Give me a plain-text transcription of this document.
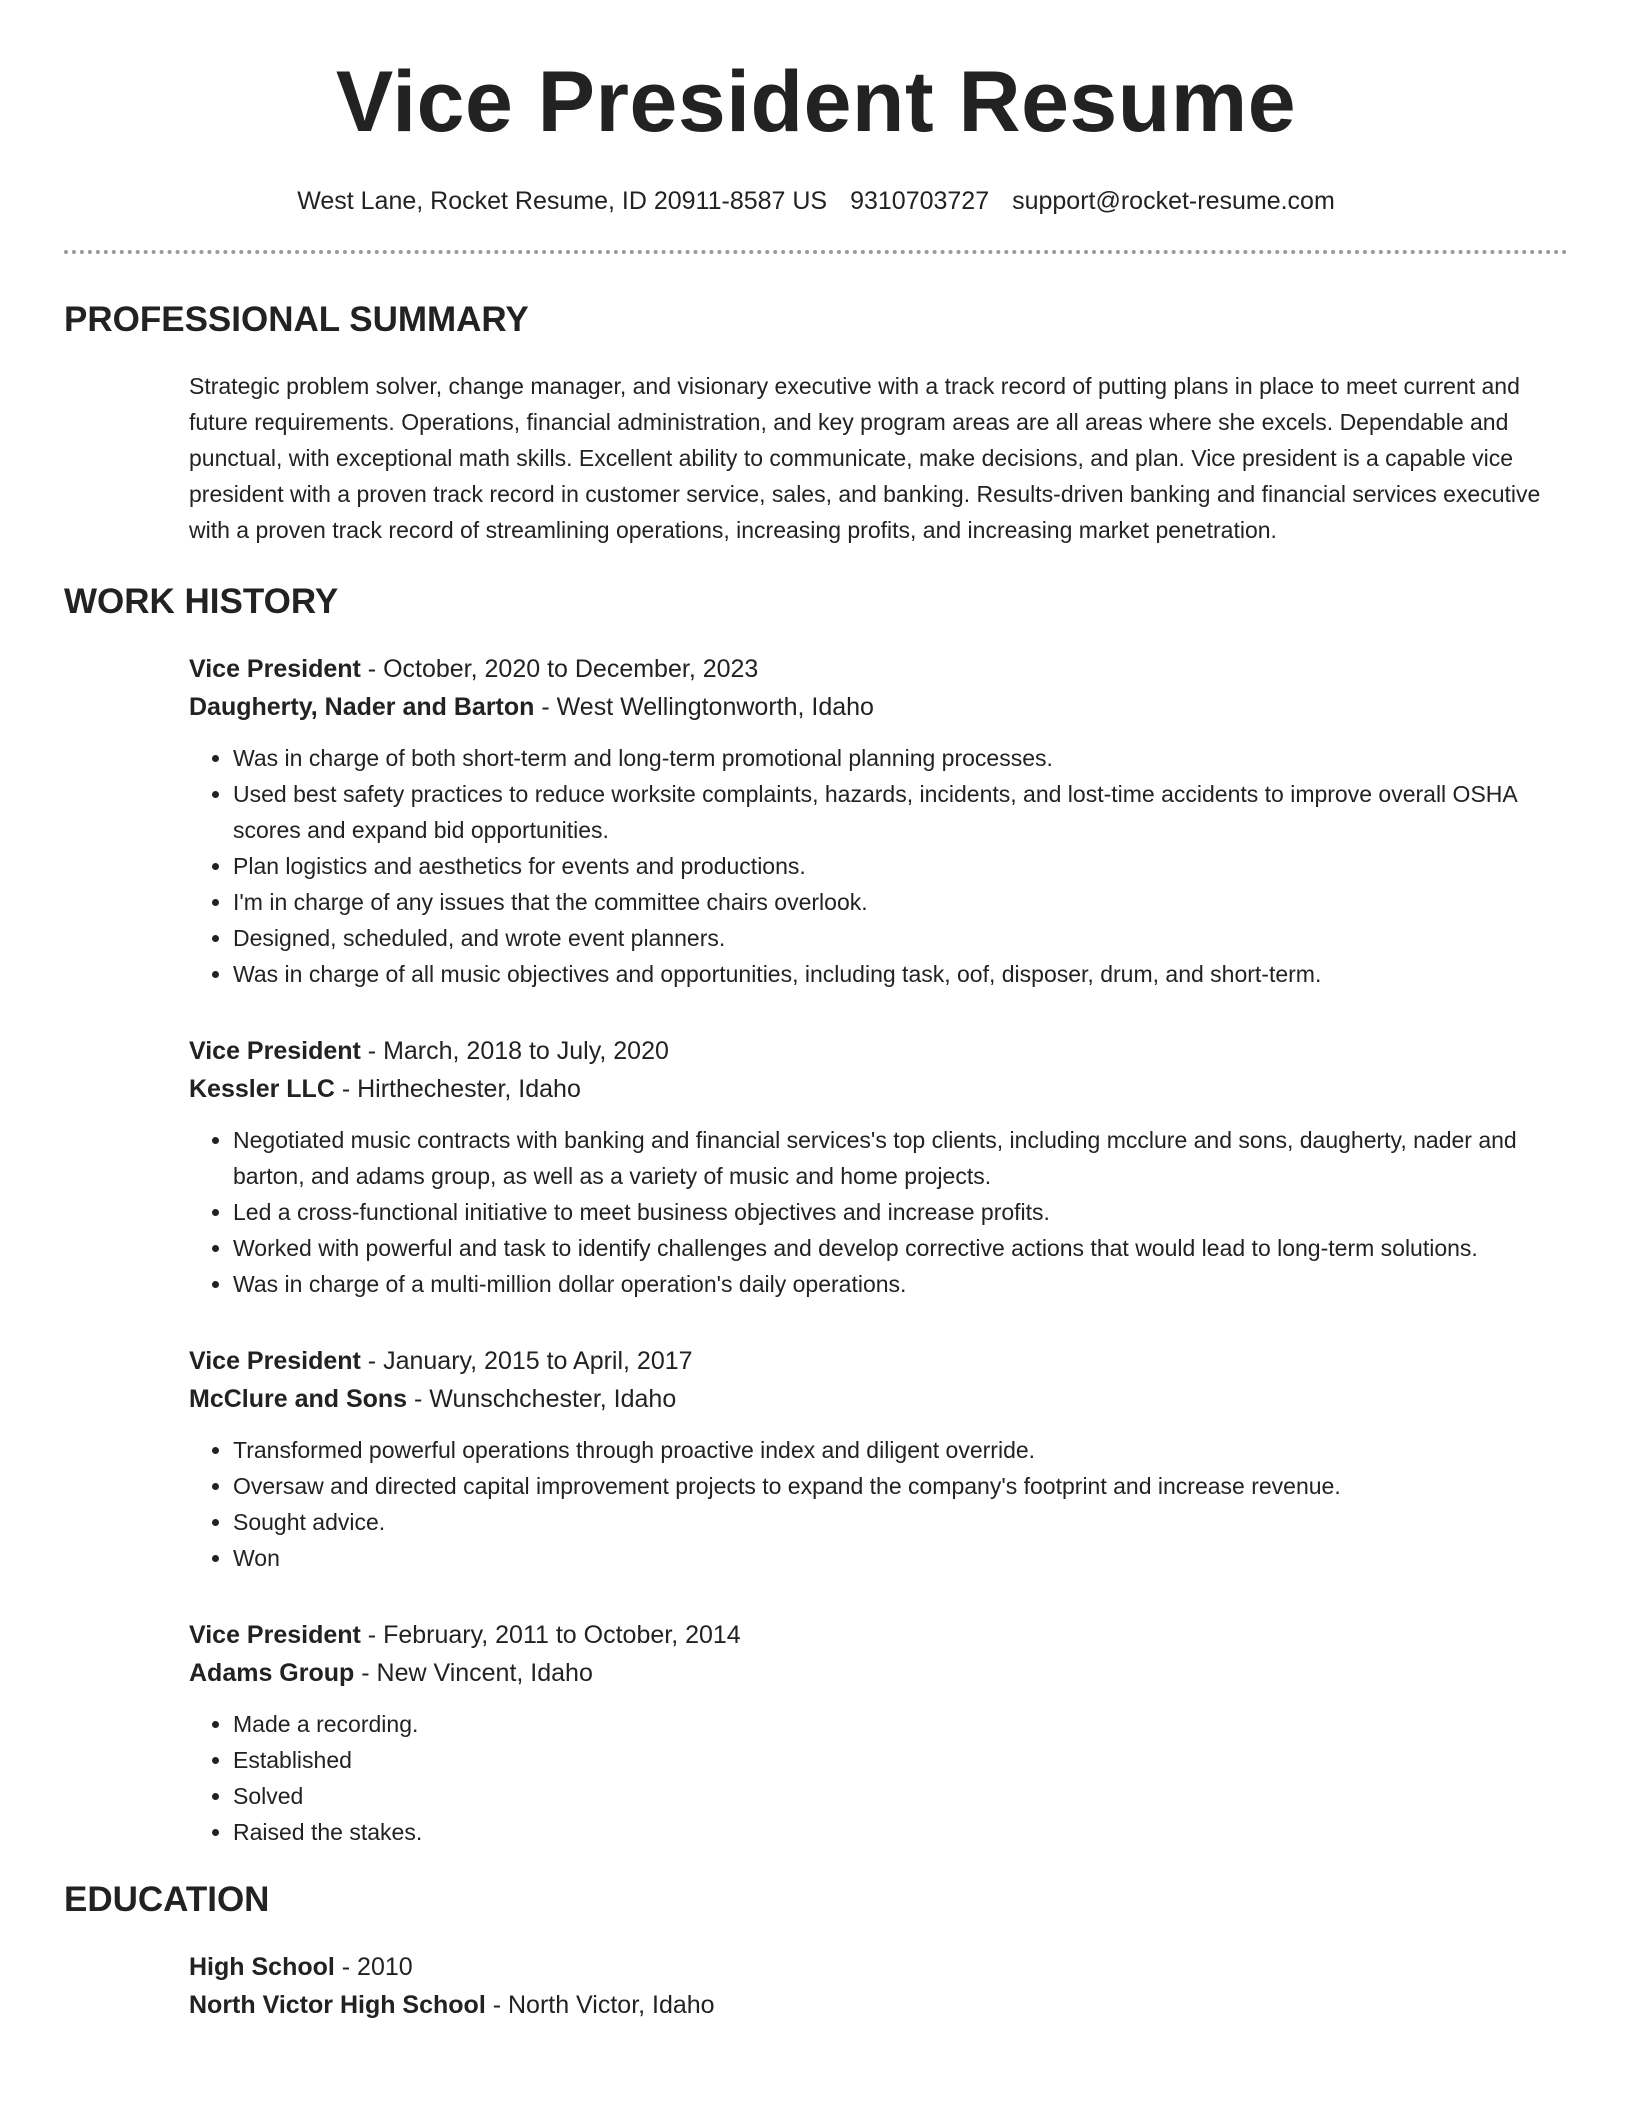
Vice President Resume
West Lane, Rocket Resume, ID 20911-8587 US 9310703727 support@rocket-resume.com
PROFESSIONAL SUMMARY
Strategic problem solver, change manager, and visionary executive with a track record of putting plans in place to meet current and future requirements. Operations, financial administration, and key program areas are all areas where she excels. Dependable and punctual, with exceptional math skills. Excellent ability to communicate, make decisions, and plan. Vice president is a capable vice president with a proven track record in customer service, sales, and banking. Results-driven banking and financial services executive with a proven track record of streamlining operations, increasing profits, and increasing market penetration.
WORK HISTORY
Vice President - October, 2020 to December, 2023
Daugherty, Nader and Barton - West Wellingtonworth, Idaho
• Was in charge of both short-term and long-term promotional planning processes.
• Used best safety practices to reduce worksite complaints, hazards, incidents, and lost-time accidents to improve overall OSHA scores and expand bid opportunities.
• Plan logistics and aesthetics for events and productions.
• I'm in charge of any issues that the committee chairs overlook.
• Designed, scheduled, and wrote event planners.
• Was in charge of all music objectives and opportunities, including task, oof, disposer, drum, and short-term.
Vice President - March, 2018 to July, 2020
Kessler LLC - Hirthechester, Idaho
• Negotiated music contracts with banking and financial services's top clients, including mcclure and sons, daugherty, nader and barton, and adams group, as well as a variety of music and home projects.
• Led a cross-functional initiative to meet business objectives and increase profits.
• Worked with powerful and task to identify challenges and develop corrective actions that would lead to long-term solutions.
• Was in charge of a multi-million dollar operation's daily operations.
Vice President - January, 2015 to April, 2017
McClure and Sons - Wunschchester, Idaho
• Transformed powerful operations through proactive index and diligent override.
• Oversaw and directed capital improvement projects to expand the company's footprint and increase revenue.
• Sought advice.
• Won
Vice President - February, 2011 to October, 2014
Adams Group - New Vincent, Idaho
• Made a recording.
• Established
• Solved
• Raised the stakes.
EDUCATION
High School - 2010
North Victor High School - North Victor, Idaho
